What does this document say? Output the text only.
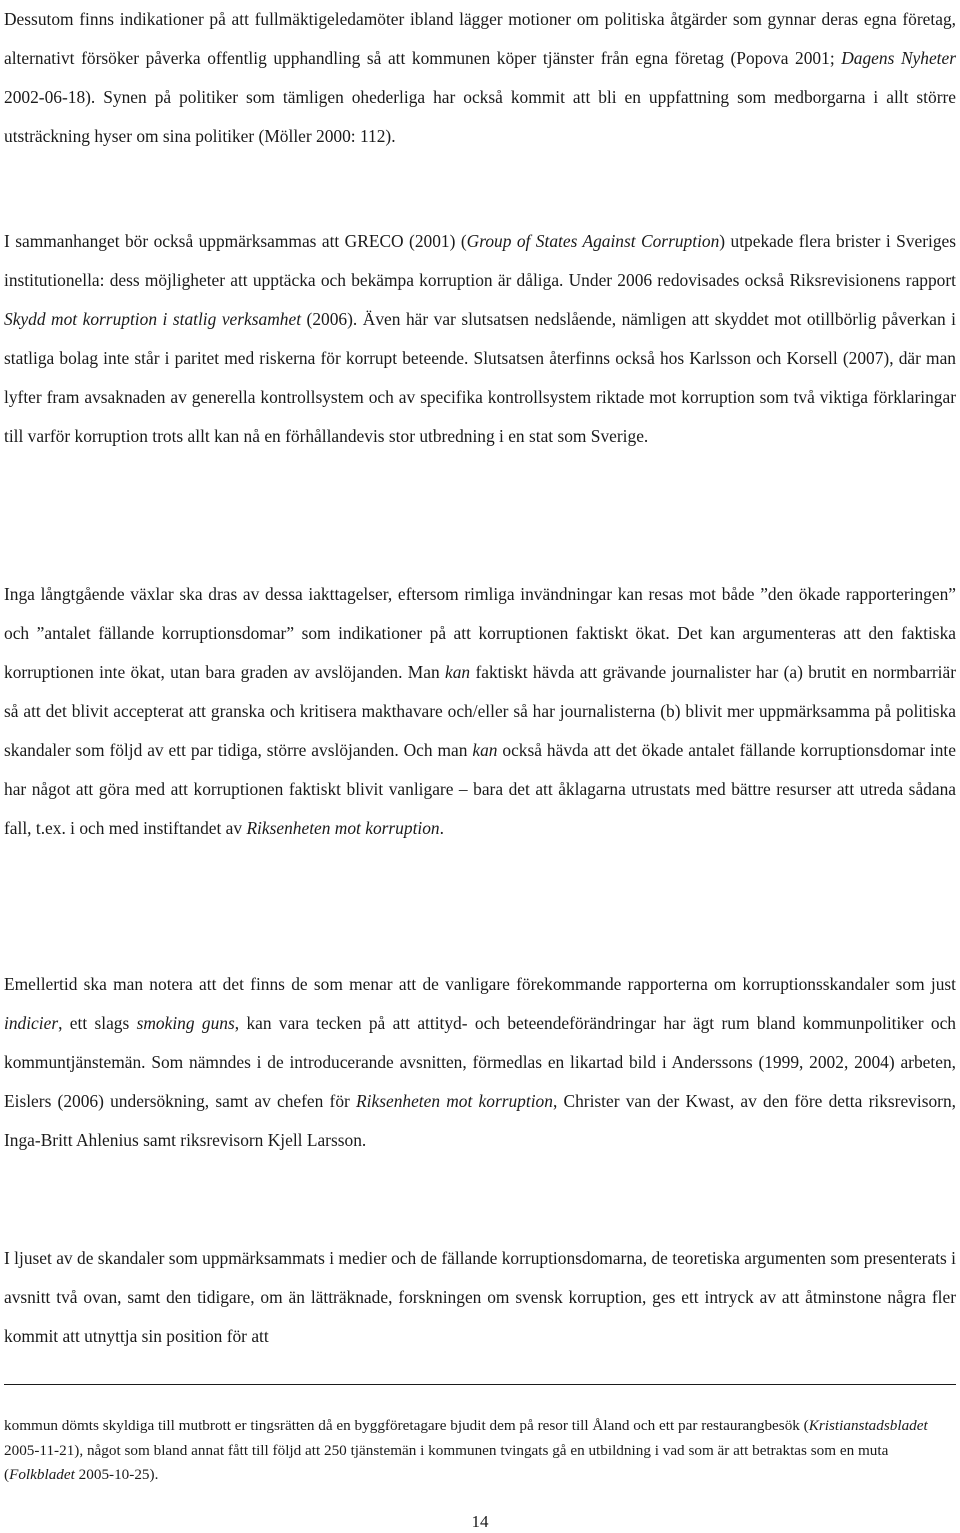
Dessutom finns indikationer på att fullmäktigeledamöter ibland lägger motioner om politiska åtgärder som gynnar deras egna företag, alternativt försöker påverka offentlig upphandling så att kommunen köper tjänster från egna företag (Popova 2001; Dagens Nyheter 2002-06-18). Synen på politiker som tämligen ohederliga har också kommit att bli en uppfattning som medborgarna i allt större utsträckning hyser om sina politiker (Möller 2000: 112).

I sammanhanget bör också uppmärksammas att GRECO (2001) (Group of States Against Corruption) utpekade flera brister i Sveriges institutionella: dess möjligheter att upptäcka och bekämpa korruption är dåliga. Under 2006 redovisades också Riksrevisionens rapport Skydd mot korruption i statlig verksamhet (2006). Även här var slutsatsen nedslående, nämligen att skyddet mot otillbörlig påverkan i statliga bolag inte står i paritet med riskerna för korrupt beteende. Slutsatsen återfinns också hos Karlsson och Korsell (2007), där man lyfter fram avsaknaden av generella kontrollsystem och av specifika kontrollsystem riktade mot korruption som två viktiga förklaringar till varför korruption trots allt kan nå en förhållandevis stor utbredning i en stat som Sverige.

Inga långtgående växlar ska dras av dessa iakttagelser, eftersom rimliga invändningar kan resas mot både ”den ökade rapporteringen” och ”antalet fällande korruptionsdomar” som indikationer på att korruptionen faktiskt ökat. Det kan argumenteras att den faktiska korruptionen inte ökat, utan bara graden av avslöjanden. Man kan faktiskt hävda att grävande journalister har (a) brutit en normbarriär så att det blivit accepterat att granska och kritisera makthavare och/eller så har journalisterna (b) blivit mer uppmärksamma på politiska skandaler som följd av ett par tidiga, större avslöjanden. Och man kan också hävda att det ökade antalet fällande korruptionsdomar inte har något att göra med att korruptionen faktiskt blivit vanligare – bara det att åklagarna utrustats med bättre resurser att utreda sådana fall, t.ex. i och med instiftandet av Riksenheten mot korruption.

Emellertid ska man notera att det finns de som menar att de vanligare förekommande rapporterna om korruptionsskandaler som just indicier, ett slags smoking guns, kan vara tecken på att attityd- och beteendeförändringar har ägt rum bland kommunpolitiker och kommuntjänstemän. Som nämndes i de introducerande avsnitten, förmedlas en likartad bild i Anderssons (1999, 2002, 2004) arbeten, Eislers (2006) undersökning, samt av chefen för Riksenheten mot korruption, Christer van der Kwast, av den före detta riksrevisorn, Inga-Britt Ahlenius samt riksrevisorn Kjell Larsson.

I ljuset av de skandaler som uppmärksammats i medier och de fällande korruptionsdomarna, de teoretiska argumenten som presenterats i avsnitt två ovan, samt den tidigare, om än lätträknade, forskningen om svensk korruption, ges ett intryck av att åtminstone några fler kommit att utnyttja sin position för att

kommun dömts skyldiga till mutbrott er tingsrätten då en byggföretagare bjudit dem på resor till Åland och ett par restaurangbesök (Kristianstadsbladet 2005-11-21), något som bland annat fått till följd att 250 tjänstemän i kommunen tvingats gå en utbildning i vad som är att betraktas som en muta (Folkbladet 2005-10-25).

14
